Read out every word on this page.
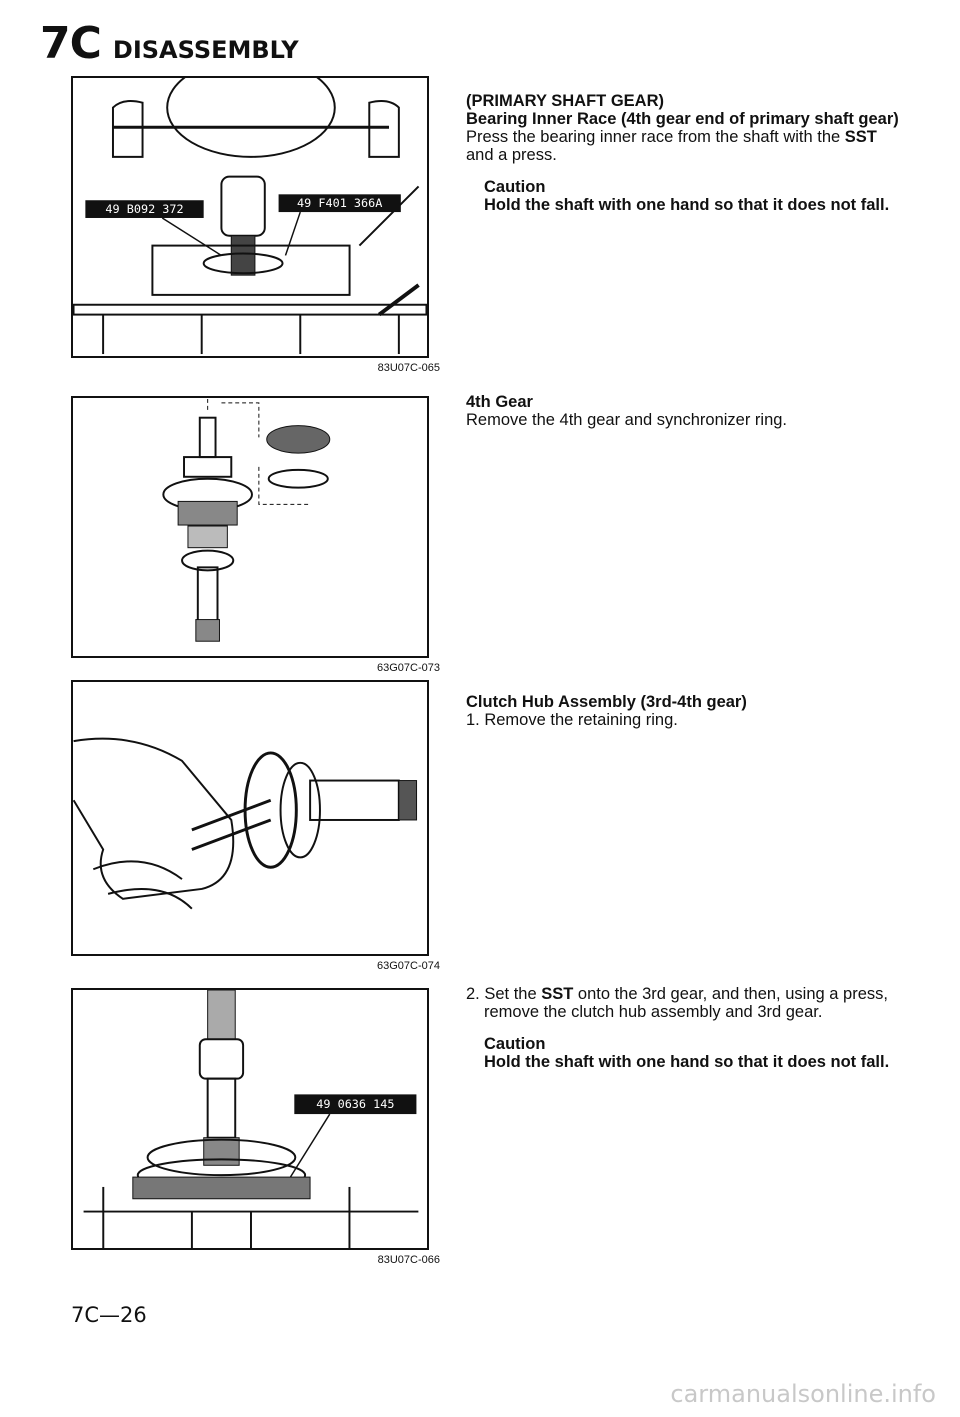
7C DISASSEMBLY
49 B092 372	49 F401 366A
83U07C-065
63G07C-073
63G07C-074
49 0636 145
83U07C-066
(PRIMARY SHAFT GEAR)
Bearing Inner Race (4th gear end of primary shaft gear)
Press the bearing inner race from the shaft with the SST and a press.
Caution
Hold the shaft with one hand so that it does not fall.
4th Gear
Remove the 4th gear and synchronizer ring.
Clutch Hub Assembly (3rd-4th gear)
1. Remove the retaining ring.
2. Set the SST onto the 3rd gear, and then, using a press, remove the clutch hub assembly and 3rd gear.
Caution
Hold the shaft with one hand so that it does not fall.
7C—26
carmanualsonline.info
